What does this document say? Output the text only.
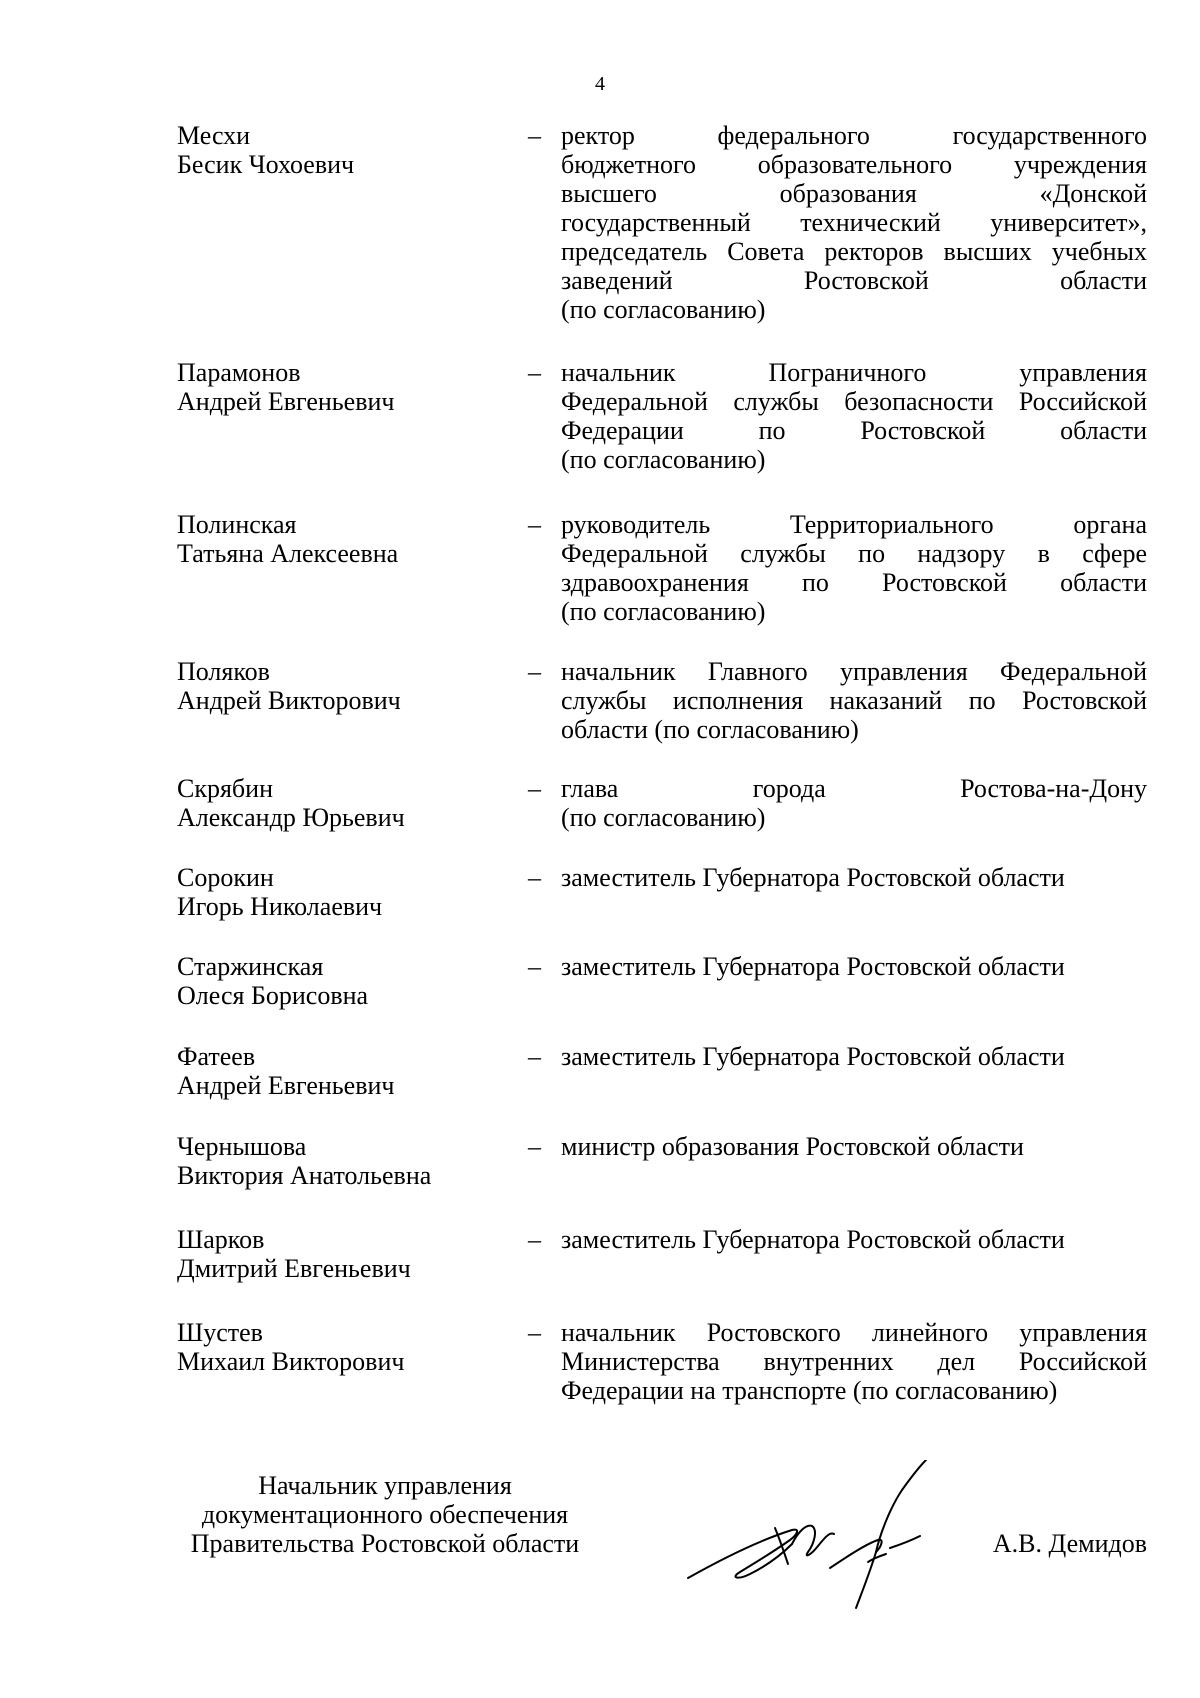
4
Месхи
Бесик Чохоевич
– ректор федерального государственного
бюджетного образовательного учреждения
высшего образования «Донской
государственный технический университет»,
председатель Совета ректоров высших учебных
заведений Ростовской области
(по согласованию)
Парамонов
Андрей Евгеньевич
– начальник Пограничного управления
Федеральной службы безопасности Российской
Федерации по Ростовской области
(по согласованию)
Полинская
Татьяна Алексеевна
– руководитель Территориального органа
Федеральной службы по надзору в сфере
здравоохранения по Ростовской области
(по согласованию)
Поляков
Андрей Викторович
– начальник Главного управления Федеральной
службы исполнения наказаний по Ростовской
области (по согласованию)
Скрябин
Александр Юрьевич
– глава города Ростова-на-Дону
(по согласованию)
Сорокин
Игорь Николаевич
– заместитель Губернатора Ростовской области
Старжинская
Олеся Борисовна
– заместитель Губернатора Ростовской области
Фатеев
Андрей Евгеньевич
– заместитель Губернатора Ростовской области
Чернышова
Виктория Анатольевна
– министр образования Ростовской области
Шарков
Дмитрий Евгеньевич
– заместитель Губернатора Ростовской области
Шустев
Михаил Викторович
– начальник Ростовского линейного управления
Министерства внутренних дел Российской
Федерации на транспорте (по согласованию)
Начальник управления
документационного обеспечения
Правительства Ростовской области	А.В. Демидов
